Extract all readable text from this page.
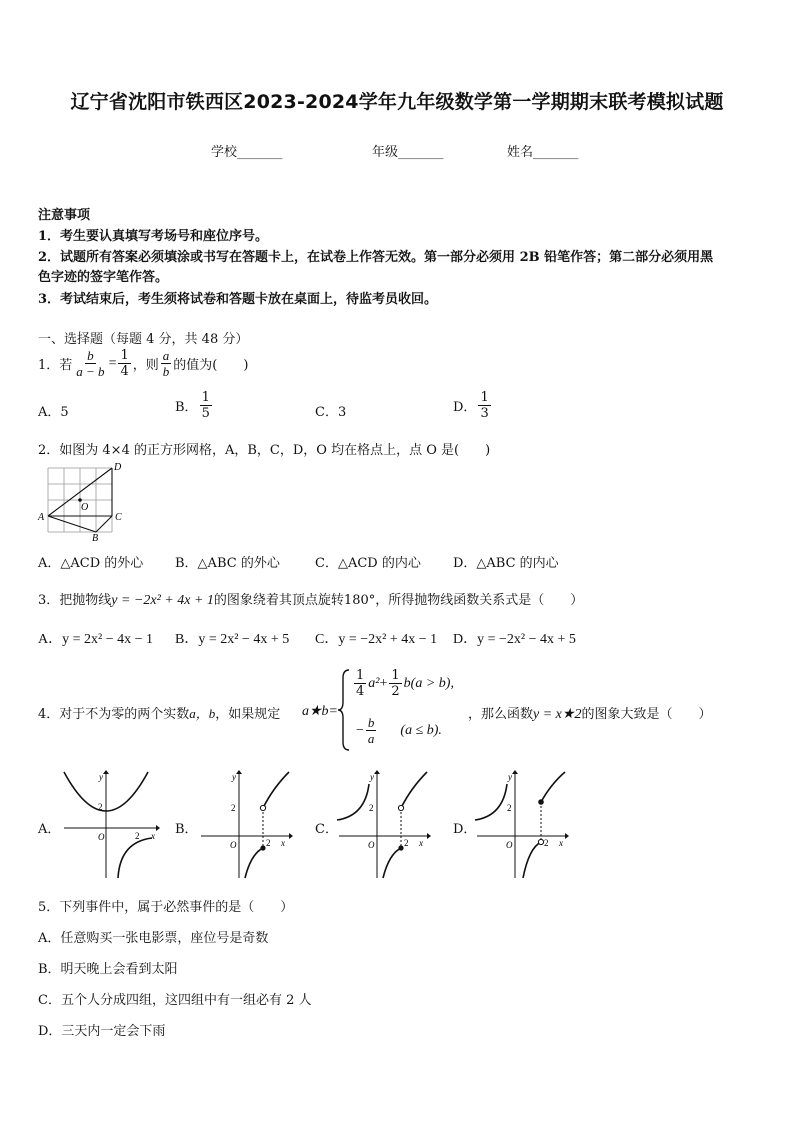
辽宁省沈阳市铁西区2023-2024学年九年级数学第一学期期末联考模拟试题
学校_______	年级_______	姓名_______
注意事项
1．考生要认真填写考场号和座位序号。
2．试题所有答案必须填涂或书写在答题卡上，在试卷上作答无效。第一部分必须用 2B 铅笔作答；第二部分必须用黑
色字迹的签字笔作答。
3．考试结束后，考生须将试卷和答题卡放在桌面上，待监考员收回。
一、选择题（每题 4 分，共 48 分）
1．若 $\frac{b}{a - b} = \frac{1}{4}$ ，则 $\frac{a}{b}$ 的值为(　　)
A．5	B． $\frac{1}{5}$	C．3	D． $\frac{1}{3}$
2．如图为 4×4 的正方形网格，A，B，C，D，O 均在格点上，点 O 是(　　)
D
A	C
B
O
A．△ACD 的外心 B．△ABC 的外心	C．△ACD 的内心 D．△ABC 的内心
3．把抛物线y = −2x² + 4x + 1的图象绕着其顶点旋转180°，所得抛物线函数关系式是（　　）
A．y = 2x² − 4x − 1 B．y = 2x² − 4x + 5 C．y = −2x² + 4x − 1 D．y = −2x² − 4x + 5
4．对于不为零的两个实数a，b，如果规定 a★b=
$\frac{1}{4} a^2 + \frac{1}{2}$ b (a > b),
− $\frac{b}{a} (a \le b)$.
，那么函数y = x★2的图象大致是（　　）
A．	B．	C．	D．
y
2
O	2 x
y
2
O	2 x
y
2
O	2 x
y
2
O	2 x
5．下列事件中，属于必然事件的是（　　）
A．任意购买一张电影票，座位号是奇数
B．明天晚上会看到太阳
C．五个人分成四组，这四组中有一组必有 2 人
D．三天内一定会下雨
